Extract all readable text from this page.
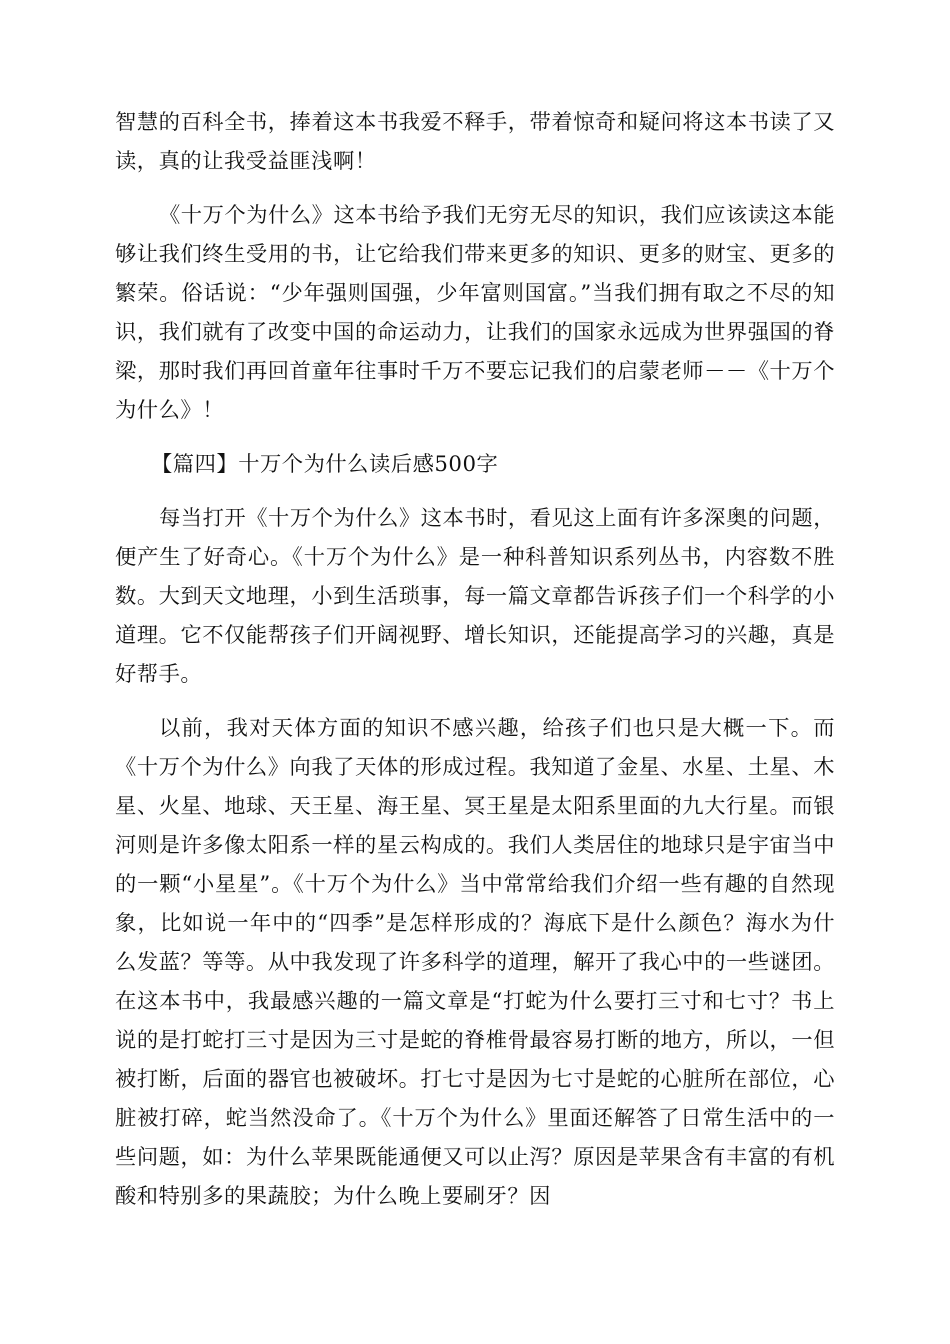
智慧的百科全书，捧着这本书我爱不释手，带着惊奇和疑问将这本书读了又读，真的让我受益匪浅啊！

《十万个为什么》这本书给予我们无穷无尽的知识，我们应该读这本能够让我们终生受用的书，让它给我们带来更多的知识、更多的财宝、更多的繁荣。俗话说：“少年强则国强，少年富则国富。”当我们拥有取之不尽的知识，我们就有了改变中国的命运动力，让我们的国家永远成为世界强国的脊梁，那时我们再回首童年往事时千万不要忘记我们的启蒙老师－－《十万个为什么》！

【篇四】十万个为什么读后感500字

每当打开《十万个为什么》这本书时，看见这上面有许多深奥的问题，便产生了好奇心。《十万个为什么》是一种科普知识系列丛书，内容数不胜数。大到天文地理，小到生活琐事，每一篇文章都告诉孩子们一个科学的小道理。它不仅能帮孩子们开阔视野、增长知识，还能提高学习的兴趣，真是好帮手。

以前，我对天体方面的知识不感兴趣，给孩子们也只是大概一下。而《十万个为什么》向我了天体的形成过程。我知道了金星、水星、土星、木星、火星、地球、天王星、海王星、冥王星是太阳系里面的九大行星。而银河则是许多像太阳系一样的星云构成的。我们人类居住的地球只是宇宙当中的一颗“小星星”。《十万个为什么》当中常常给我们介绍一些有趣的自然现象，比如说一年中的“四季”是怎样形成的？海底下是什么颜色？海水为什么发蓝？等等。从中我发现了许多科学的道理，解开了我心中的一些谜团。在这本书中，我最感兴趣的一篇文章是“打蛇为什么要打三寸和七寸？书上说的是打蛇打三寸是因为三寸是蛇的脊椎骨最容易打断的地方，所以，一但被打断，后面的器官也被破坏。打七寸是因为七寸是蛇的心脏所在部位，心脏被打碎，蛇当然没命了。《十万个为什么》里面还解答了日常生活中的一些问题，如：为什么苹果既能通便又可以止泻？原因是苹果含有丰富的有机酸和特别多的果蔬胶；为什么晚上要刷牙？因
